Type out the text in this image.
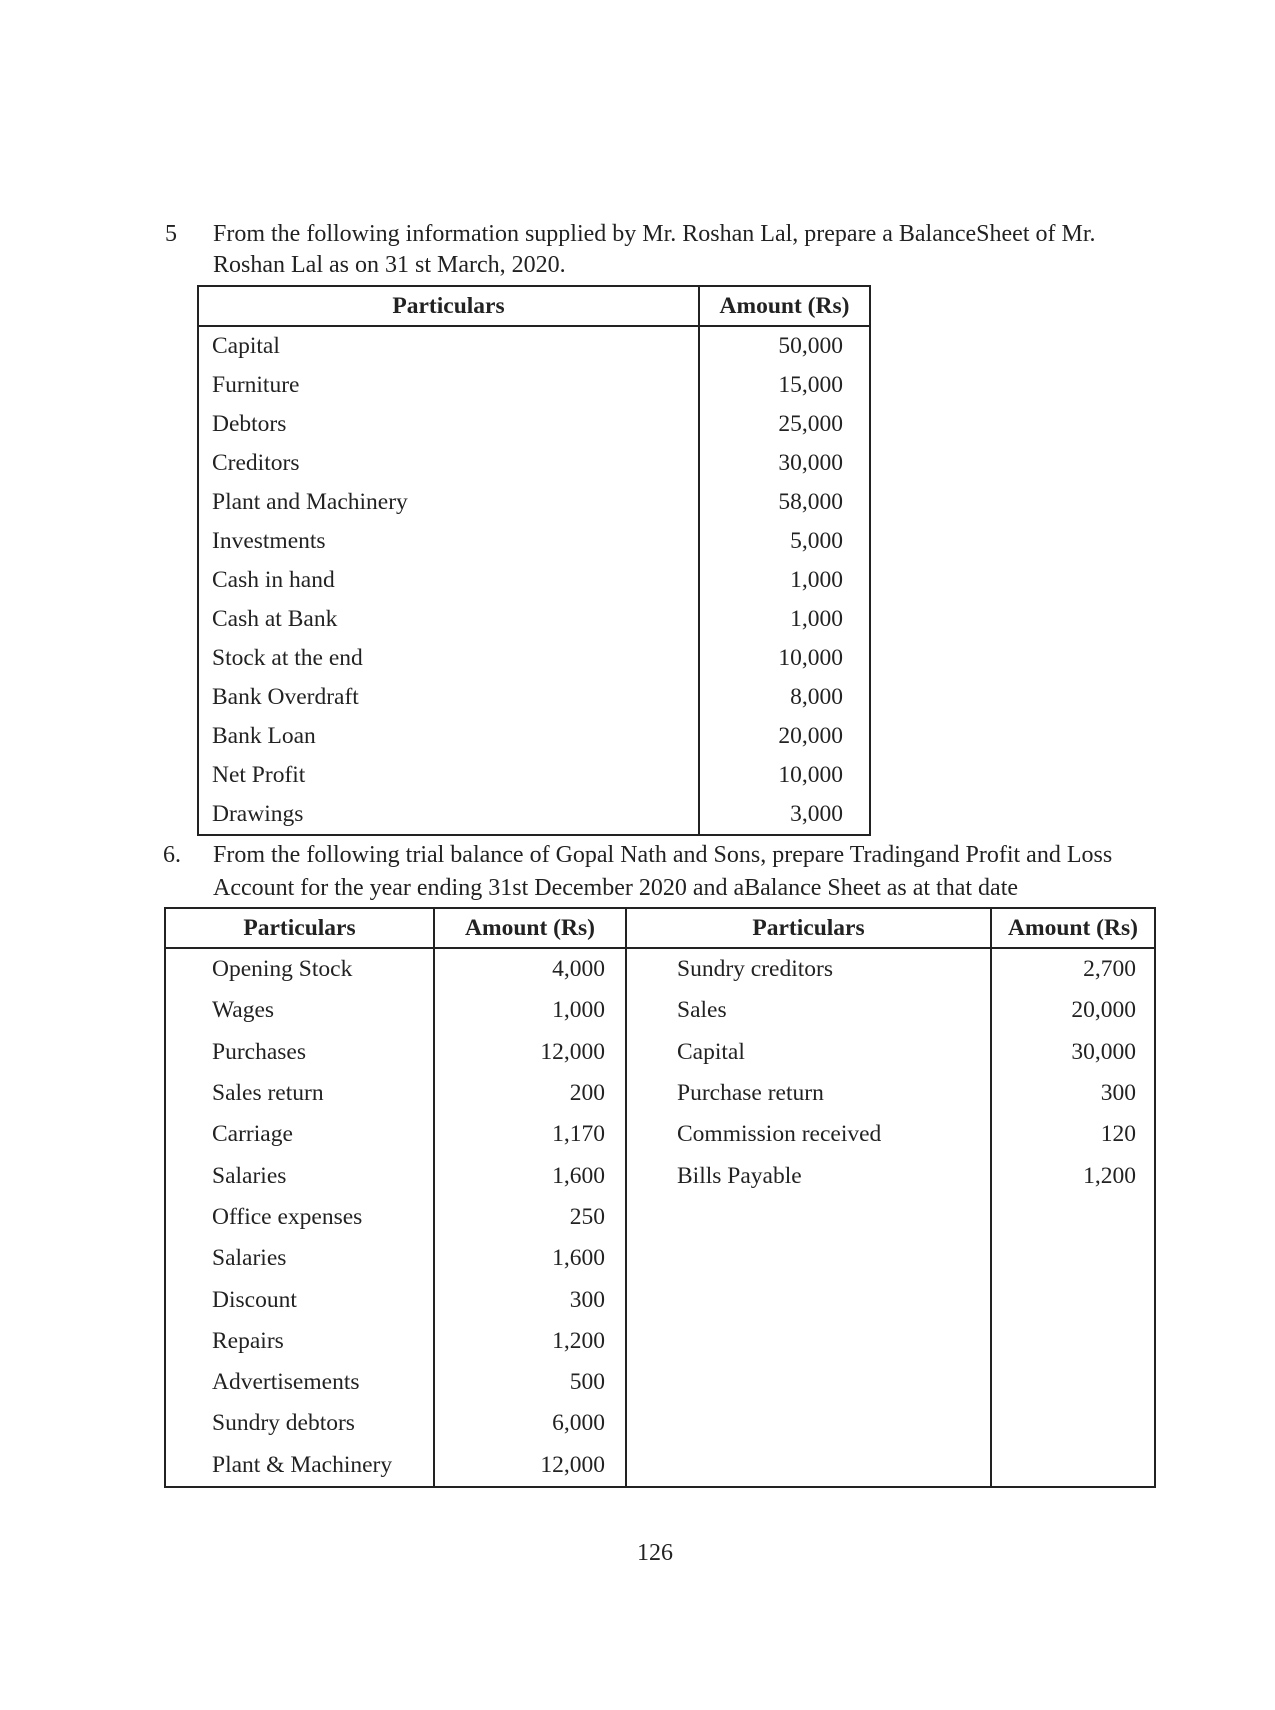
5 From the following information supplied by Mr. Roshan Lal, prepare a BalanceSheet of Mr.
Roshan Lal as on 31 st March, 2020.
Particulars	Amount (Rs)
Capital	50,000
Furniture	15,000
Debtors	25,000
Creditors	30,000
Plant and Machinery	58,000
Investments	5,000
Cash in hand	1,000
Cash at Bank	1,000
Stock at the end	10,000
Bank Overdraft	8,000
Bank Loan	20,000
Net Profit	10,000
Drawings	3,000
6. From the following trial balance of Gopal Nath and Sons, prepare Tradingand Profit and Loss
Account for the year ending 31st December 2020 and aBalance Sheet as at that date
Particulars	Amount (Rs)	Particulars	Amount (Rs)
Opening Stock	4,000	Sundry creditors	2,700
Wages	1,000	Sales	20,000
Purchases	12,000	Capital	30,000
Sales return	200	Purchase return	300
Carriage	1,170	Commission received	120
Salaries	1,600	Bills Payable	1,200
Office expenses	250		
Salaries	1,600		
Discount	300		
Repairs	1,200		
Advertisements	500		
Sundry debtors	6,000		
Plant & Machinery	12,000		
126
